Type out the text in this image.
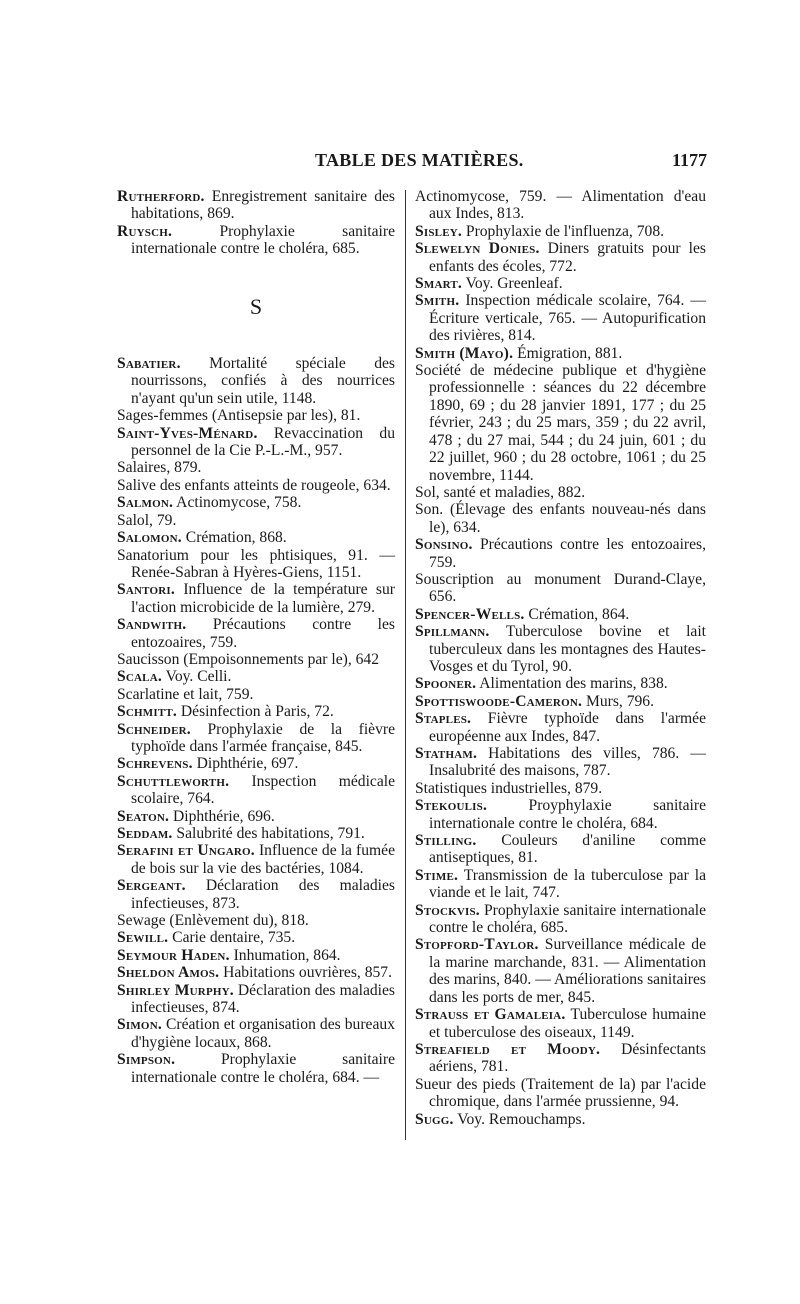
TABLE DES MATIÈRES.	1177

Rutherford. Enregistrement sanitaire des habitations, 869.

Ruysch. Prophylaxie sanitaire internationale contre le choléra, 685.

S

Sabatier. Mortalité spéciale des nourrissons, confiés à des nourrices n'ayant qu'un sein utile, 1148.

Sages-femmes (Antisepsie par les), 81.

Saint-Yves-Ménard. Revaccination du personnel de la Cie P.-L.-M., 957.

Salaires, 879.

Salive des enfants atteints de rougeole, 634.

Salmon. Actinomycose, 758.

Salol, 79.

Salomon. Crémation, 868.

Sanatorium pour les phtisiques, 91. — Renée-Sabran à Hyères-Giens, 1151.

Santori. Influence de la température sur l'action microbicide de la lumière, 279.

Sandwith. Précautions contre les entozoaires, 759.

Saucisson (Empoisonnements par le), 642

Scala. Voy. Celli.

Scarlatine et lait, 759.

Schmitt. Désinfection à Paris, 72.

Schneider. Prophylaxie de la fièvre typhoïde dans l'armée française, 845.

Schrevens. Diphthérie, 697.

Schuttleworth. Inspection médicale scolaire, 764.

Seaton. Diphthérie, 696.

Seddam. Salubrité des habitations, 791.

Serafini et Ungaro. Influence de la fumée de bois sur la vie des bactéries, 1084.

Sergeant. Déclaration des maladies infectieuses, 873.

Sewage (Enlèvement du), 818.

Sewill. Carie dentaire, 735.

Seymour Haden. Inhumation, 864.

Sheldon Amos. Habitations ouvrières, 857.

Shirley Murphy. Déclaration des maladies infectieuses, 874.

Simon. Création et organisation des bureaux d'hygiène locaux, 868.

Simpson. Prophylaxie sanitaire internationale contre le choléra, 684. —

Actinomycose, 759. — Alimentation d'eau aux Indes, 813.

Sisley. Prophylaxie de l'influenza, 708.

Slewelyn Donies. Diners gratuits pour les enfants des écoles, 772.

Smart. Voy. Greenleaf.

Smith. Inspection médicale scolaire, 764. — Écriture verticale, 765. — Autopurification des rivières, 814.

Smith (Mayo). Émigration, 881.

Société de médecine publique et d'hygiène professionnelle : séances du 22 décembre 1890, 69 ; du 28 janvier 1891, 177 ; du 25 février, 243 ; du 25 mars, 359 ; du 22 avril, 478 ; du 27 mai, 544 ; du 24 juin, 601 ; du 22 juillet, 960 ; du 28 octobre, 1061 ; du 25 novembre, 1144.

Sol, santé et maladies, 882.

Son. (Élevage des enfants nouveau-nés dans le), 634.

Sonsino. Précautions contre les entozoaires, 759.

Souscription au monument Durand-Claye, 656.

Spencer-Wells. Crémation, 864.

Spillmann. Tuberculose bovine et lait tuberculeux dans les montagnes des Hautes-Vosges et du Tyrol, 90.

Spooner. Alimentation des marins, 838.

Spottiswoode-Cameron. Murs, 796.

Staples. Fièvre typhoïde dans l'armée européenne aux Indes, 847.

Statham. Habitations des villes, 786. — Insalubrité des maisons, 787.

Statistiques industrielles, 879.

Stekoulis. Proyphylaxie sanitaire internationale contre le choléra, 684.

Stilling. Couleurs d'aniline comme antiseptiques, 81.

Stime. Transmission de la tuberculose par la viande et le lait, 747.

Stockvis. Prophylaxie sanitaire internationale contre le choléra, 685.

Stopford-Taylor. Surveillance médicale de la marine marchande, 831. — Alimentation des marins, 840. — Améliorations sanitaires dans les ports de mer, 845.

Strauss et Gamaleia. Tuberculose humaine et tuberculose des oiseaux, 1149.

Streafield et Moody. Désinfectants aériens, 781.

Sueur des pieds (Traitement de la) par l'acide chromique, dans l'armée prussienne, 94.

Sugg. Voy. Remouchamps.
